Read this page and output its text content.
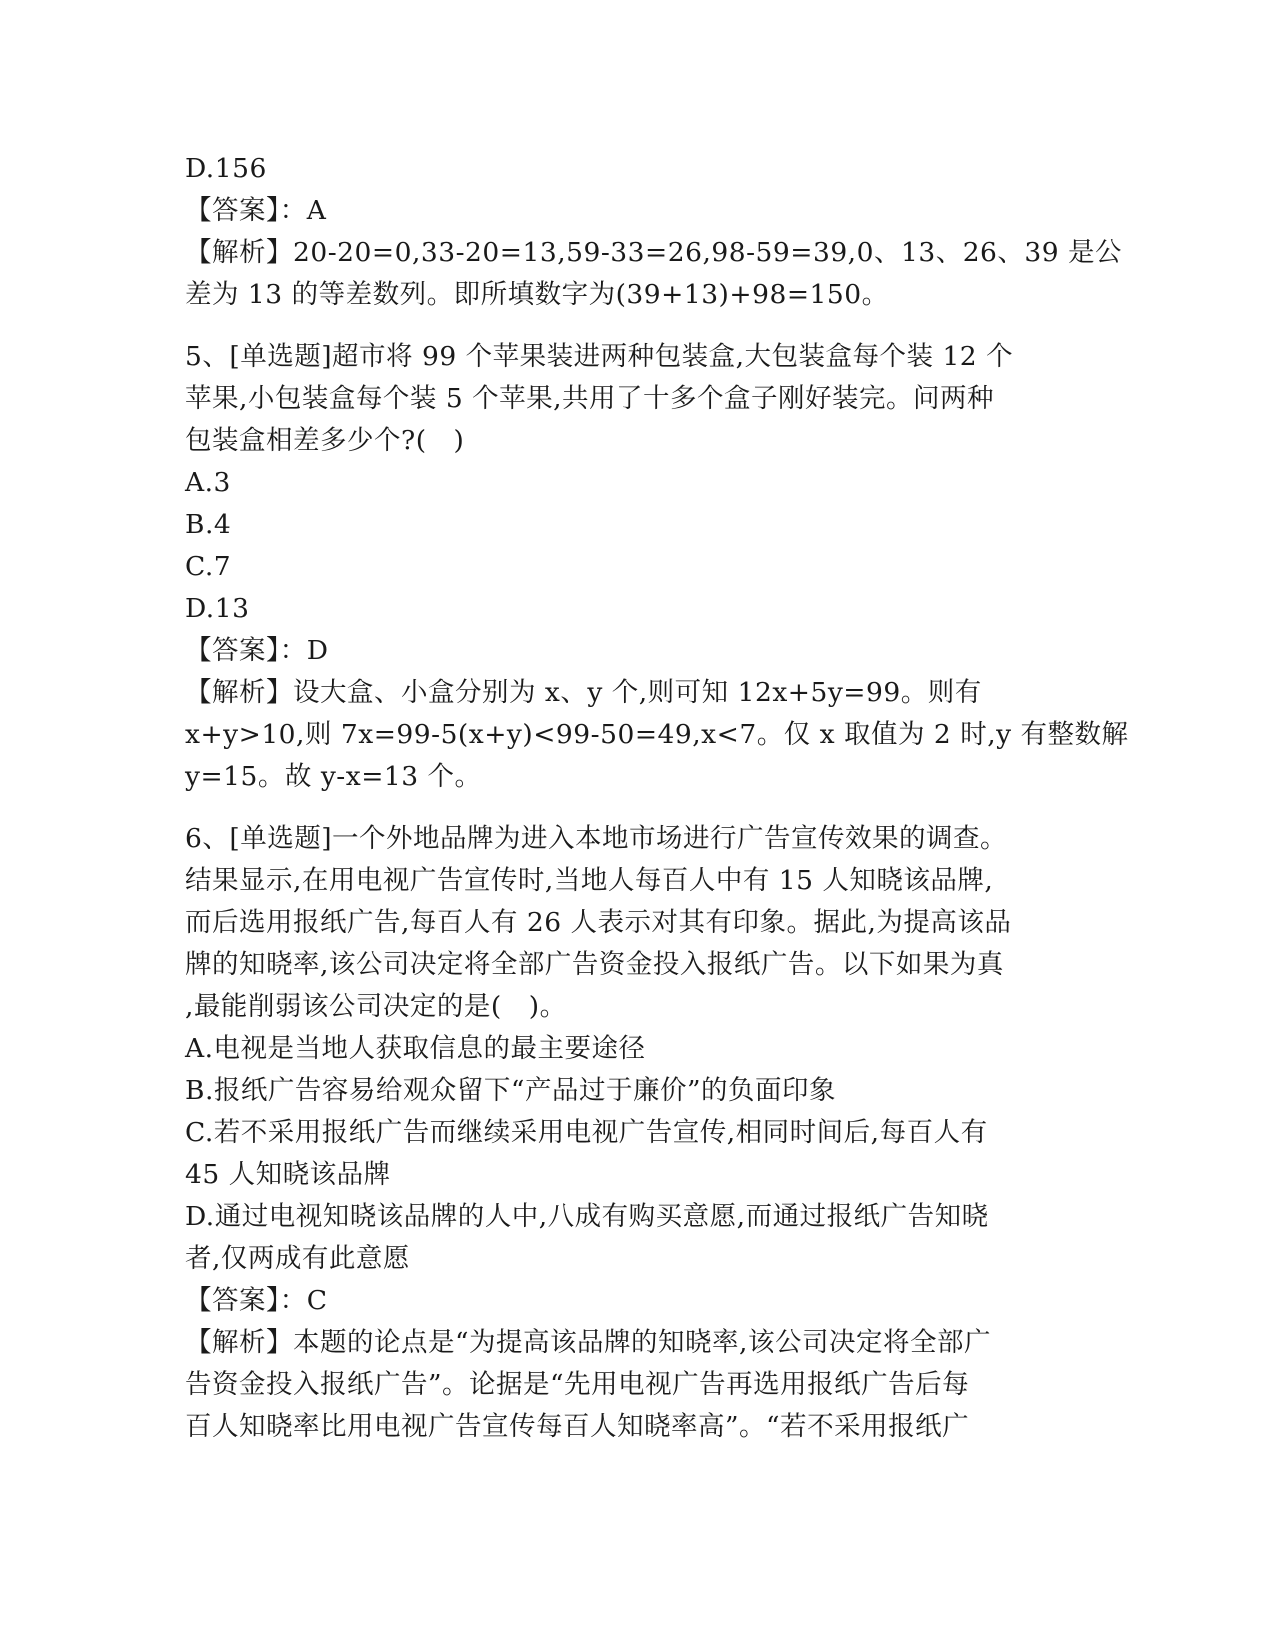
D.156
【答案】：A
【解析】20-20=0,33-20=13,59-33=26,98-59=39,0、13、26、39 是公
差为 13 的等差数列。即所填数字为(39+13)+98=150。
5、[单选题]超市将 99 个苹果装进两种包装盒,大包装盒每个装 12 个
苹果,小包装盒每个装 5 个苹果,共用了十多个盒子刚好装完。问两种
包装盒相差多少个?(　)
A.3
B.4
C.7
D.13
【答案】：D
【解析】设大盒、小盒分别为 x、y 个,则可知 12x+5y=99。则有
x+y>10,则 7x=99-5(x+y)<99-50=49,x<7。仅 x 取值为 2 时,y 有整数解
y=15。故 y-x=13 个。
6、[单选题]一个外地品牌为进入本地市场进行广告宣传效果的调查。
结果显示,在用电视广告宣传时,当地人每百人中有 15 人知晓该品牌,
而后选用报纸广告,每百人有 26 人表示对其有印象。据此,为提高该品
牌的知晓率,该公司决定将全部广告资金投入报纸广告。以下如果为真
,最能削弱该公司决定的是(　)。
A.电视是当地人获取信息的最主要途径
B.报纸广告容易给观众留下“产品过于廉价”的负面印象
C.若不采用报纸广告而继续采用电视广告宣传,相同时间后,每百人有
45 人知晓该品牌
D.通过电视知晓该品牌的人中,八成有购买意愿,而通过报纸广告知晓
者,仅两成有此意愿
【答案】：C
【解析】本题的论点是“为提高该品牌的知晓率,该公司决定将全部广
告资金投入报纸广告”。论据是“先用电视广告再选用报纸广告后每
百人知晓率比用电视广告宣传每百人知晓率高”。“若不采用报纸广
